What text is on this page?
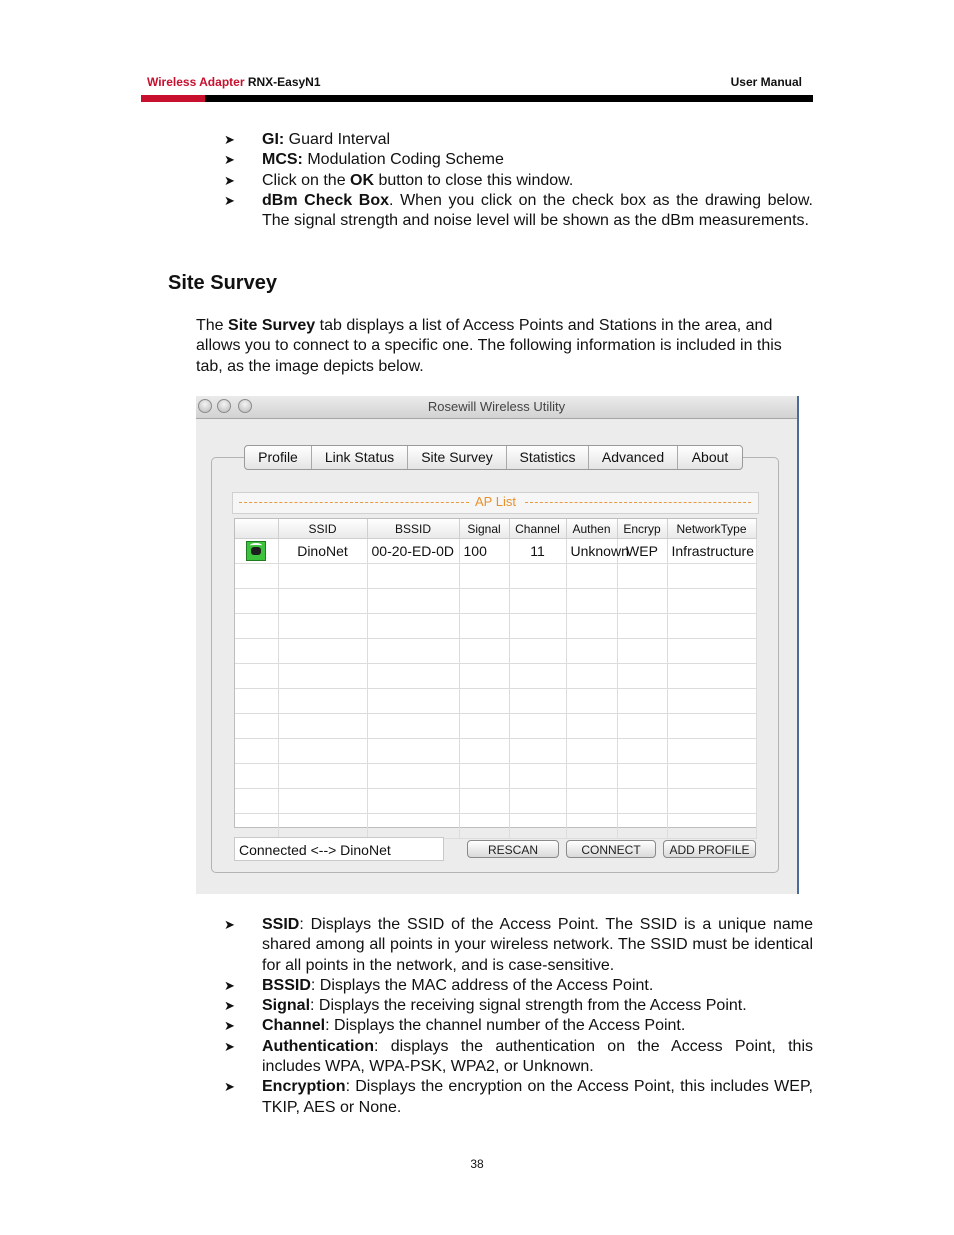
Wireless Adapter RNX-EasyN1	User Manual
➤ GI: Guard Interval
➤ MCS: Modulation Coding Scheme
➤ Click on the OK button to close this window.
➤ dBm Check Box. When you click on the check box as the drawing below. The signal strength and noise level will be shown as the dBm measurements.
Site Survey
The Site Survey tab displays a list of Access Points and Stations in the area, and allows you to connect to a specific one. The following information is included in this tab, as the image depicts below.
Rosewill Wireless Utility
Profile	Link Status	Site Survey	Statistics	Advanced	About
AP List
	SSID	BSSID	Signal	Channel	Authen	Encryp	NetworkType
	DinoNet	00-20-ED-0D	100	11	Unknown	WEP	Infrastructure

Connected <--> DinoNet	RESCAN	CONNECT	ADD PROFILE
➤ SSID: Displays the SSID of the Access Point. The SSID is a unique name shared among all points in your wireless network. The SSID must be identical for all points in the network, and is case-sensitive.
➤ BSSID: Displays the MAC address of the Access Point.
➤ Signal: Displays the receiving signal strength from the Access Point.
➤ Channel: Displays the channel number of the Access Point.
➤ Authentication: displays the authentication on the Access Point, this includes WPA, WPA-PSK, WPA2, or Unknown.
➤ Encryption: Displays the encryption on the Access Point, this includes WEP, TKIP, AES or None.
38
